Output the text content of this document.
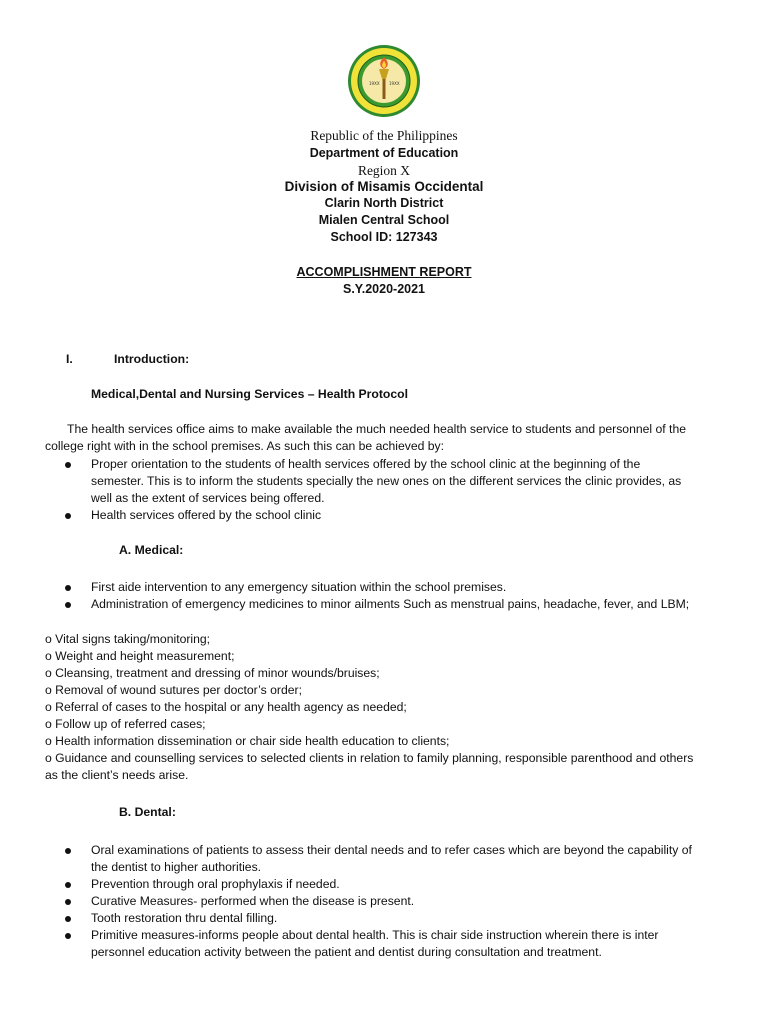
19XX 19XX
Republic of the Philippines
Department of Education
Region X
Division of Misamis Occidental
Clarin North District
Mialen Central School
School ID: 127343
ACCOMPLISHMENT REPORT
S.Y.2020-2021
I.	Introduction:
Medical,Dental and Nursing Services – Health Protocol
The health services office aims to make available the much needed health service to students and personnel of the
college right with in the school premises. As such this can be achieved by:
Proper orientation to the students of health services offered by the school clinic at the beginning of the
semester. This is to inform the students specially the new ones on the different services the clinic provides, as
well as the extent of services being offered.
Health services offered by the school clinic
A. Medical:
First aide intervention to any emergency situation within the school premises.
Administration of emergency medicines to minor ailments Such as menstrual pains, headache, fever, and LBM;
o Vital signs taking/monitoring;
o Weight and height measurement;
o Cleansing, treatment and dressing of minor wounds/bruises;
o Removal of wound sutures per doctor’s order;
o Referral of cases to the hospital or any health agency as needed;
o Follow up of referred cases;
o Health information dissemination or chair side health education to clients;
o Guidance and counselling services to selected clients in relation to family planning, responsible parenthood and others
as the client’s needs arise.
B. Dental:
Oral examinations of patients to assess their dental needs and to refer cases which are beyond the capability of
the dentist to higher authorities.
Prevention through oral prophylaxis if needed.
Curative Measures- performed when the disease is present.
Tooth restoration thru dental filling.
Primitive measures-informs people about dental health. This is chair side instruction wherein there is inter
personnel education activity between the patient and dentist during consultation and treatment.
